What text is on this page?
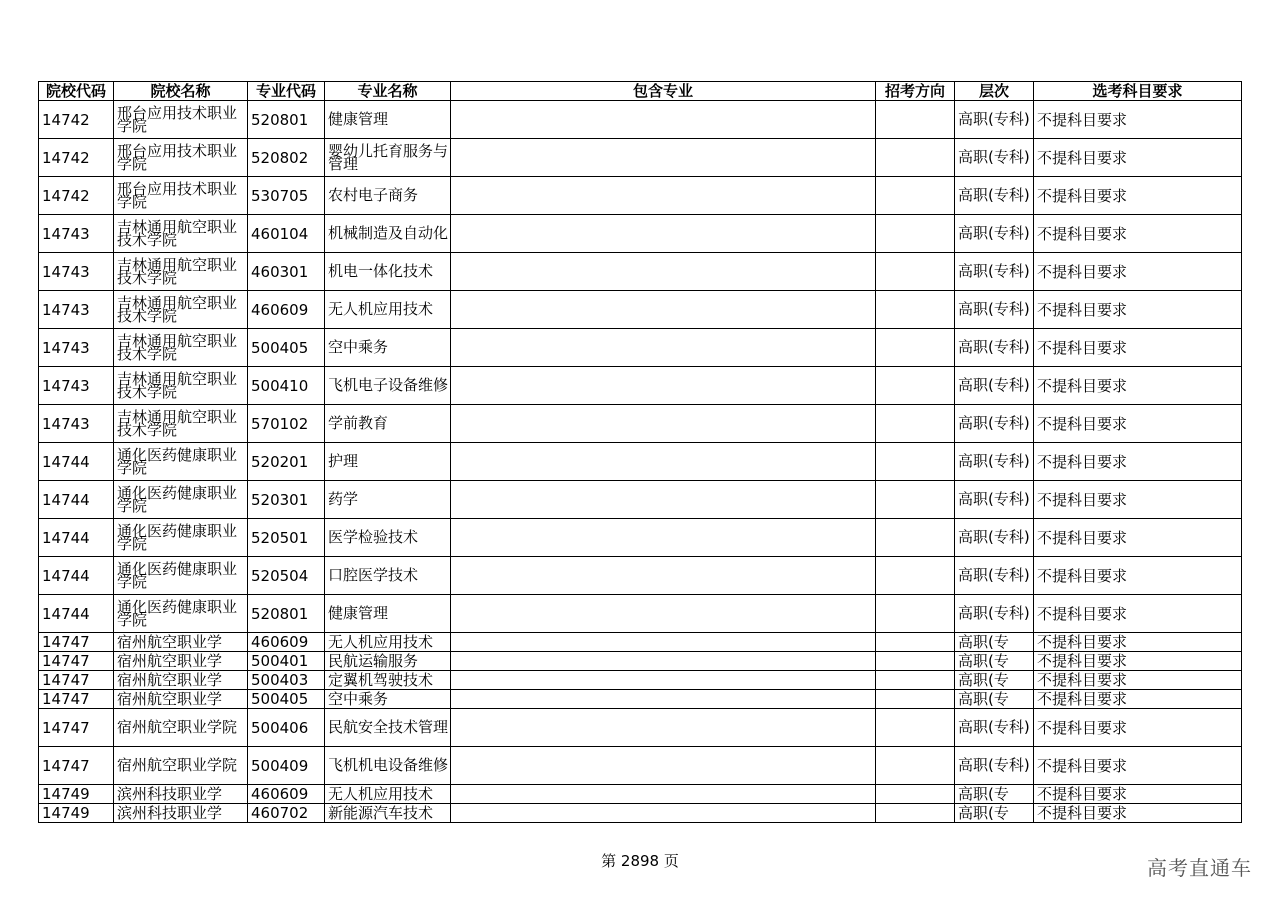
院校代码	院校名称	专业代码	专业名称	包含专业	招考方向	层次	选考科目要求
14742	邢台应用技术职业学院	520801	健康管理			高职(专科)	不提科目要求
14742	邢台应用技术职业学院	520802	婴幼儿托育服务与管理			高职(专科)	不提科目要求
14742	邢台应用技术职业学院	530705	农村电子商务			高职(专科)	不提科目要求
14743	吉林通用航空职业技术学院	460104	机械制造及自动化			高职(专科)	不提科目要求
14743	吉林通用航空职业技术学院	460301	机电一体化技术			高职(专科)	不提科目要求
14743	吉林通用航空职业技术学院	460609	无人机应用技术			高职(专科)	不提科目要求
14743	吉林通用航空职业技术学院	500405	空中乘务			高职(专科)	不提科目要求
14743	吉林通用航空职业技术学院	500410	飞机电子设备维修			高职(专科)	不提科目要求
14743	吉林通用航空职业技术学院	570102	学前教育			高职(专科)	不提科目要求
14744	通化医药健康职业学院	520201	护理			高职(专科)	不提科目要求
14744	通化医药健康职业学院	520301	药学			高职(专科)	不提科目要求
14744	通化医药健康职业学院	520501	医学检验技术			高职(专科)	不提科目要求
14744	通化医药健康职业学院	520504	口腔医学技术			高职(专科)	不提科目要求
14744	通化医药健康职业学院	520801	健康管理			高职(专科)	不提科目要求
14747	宿州航空职业学	460609	无人机应用技术			高职(专	不提科目要求
14747	宿州航空职业学	500401	民航运输服务			高职(专	不提科目要求
14747	宿州航空职业学	500403	定翼机驾驶技术			高职(专	不提科目要求
14747	宿州航空职业学	500405	空中乘务			高职(专	不提科目要求
14747	宿州航空职业学院	500406	民航安全技术管理			高职(专科)	不提科目要求
14747	宿州航空职业学院	500409	飞机机电设备维修			高职(专科)	不提科目要求
14749	滨州科技职业学	460609	无人机应用技术			高职(专	不提科目要求
14749	滨州科技职业学	460702	新能源汽车技术			高职(专	不提科目要求
第 2898 页	高考直通车
